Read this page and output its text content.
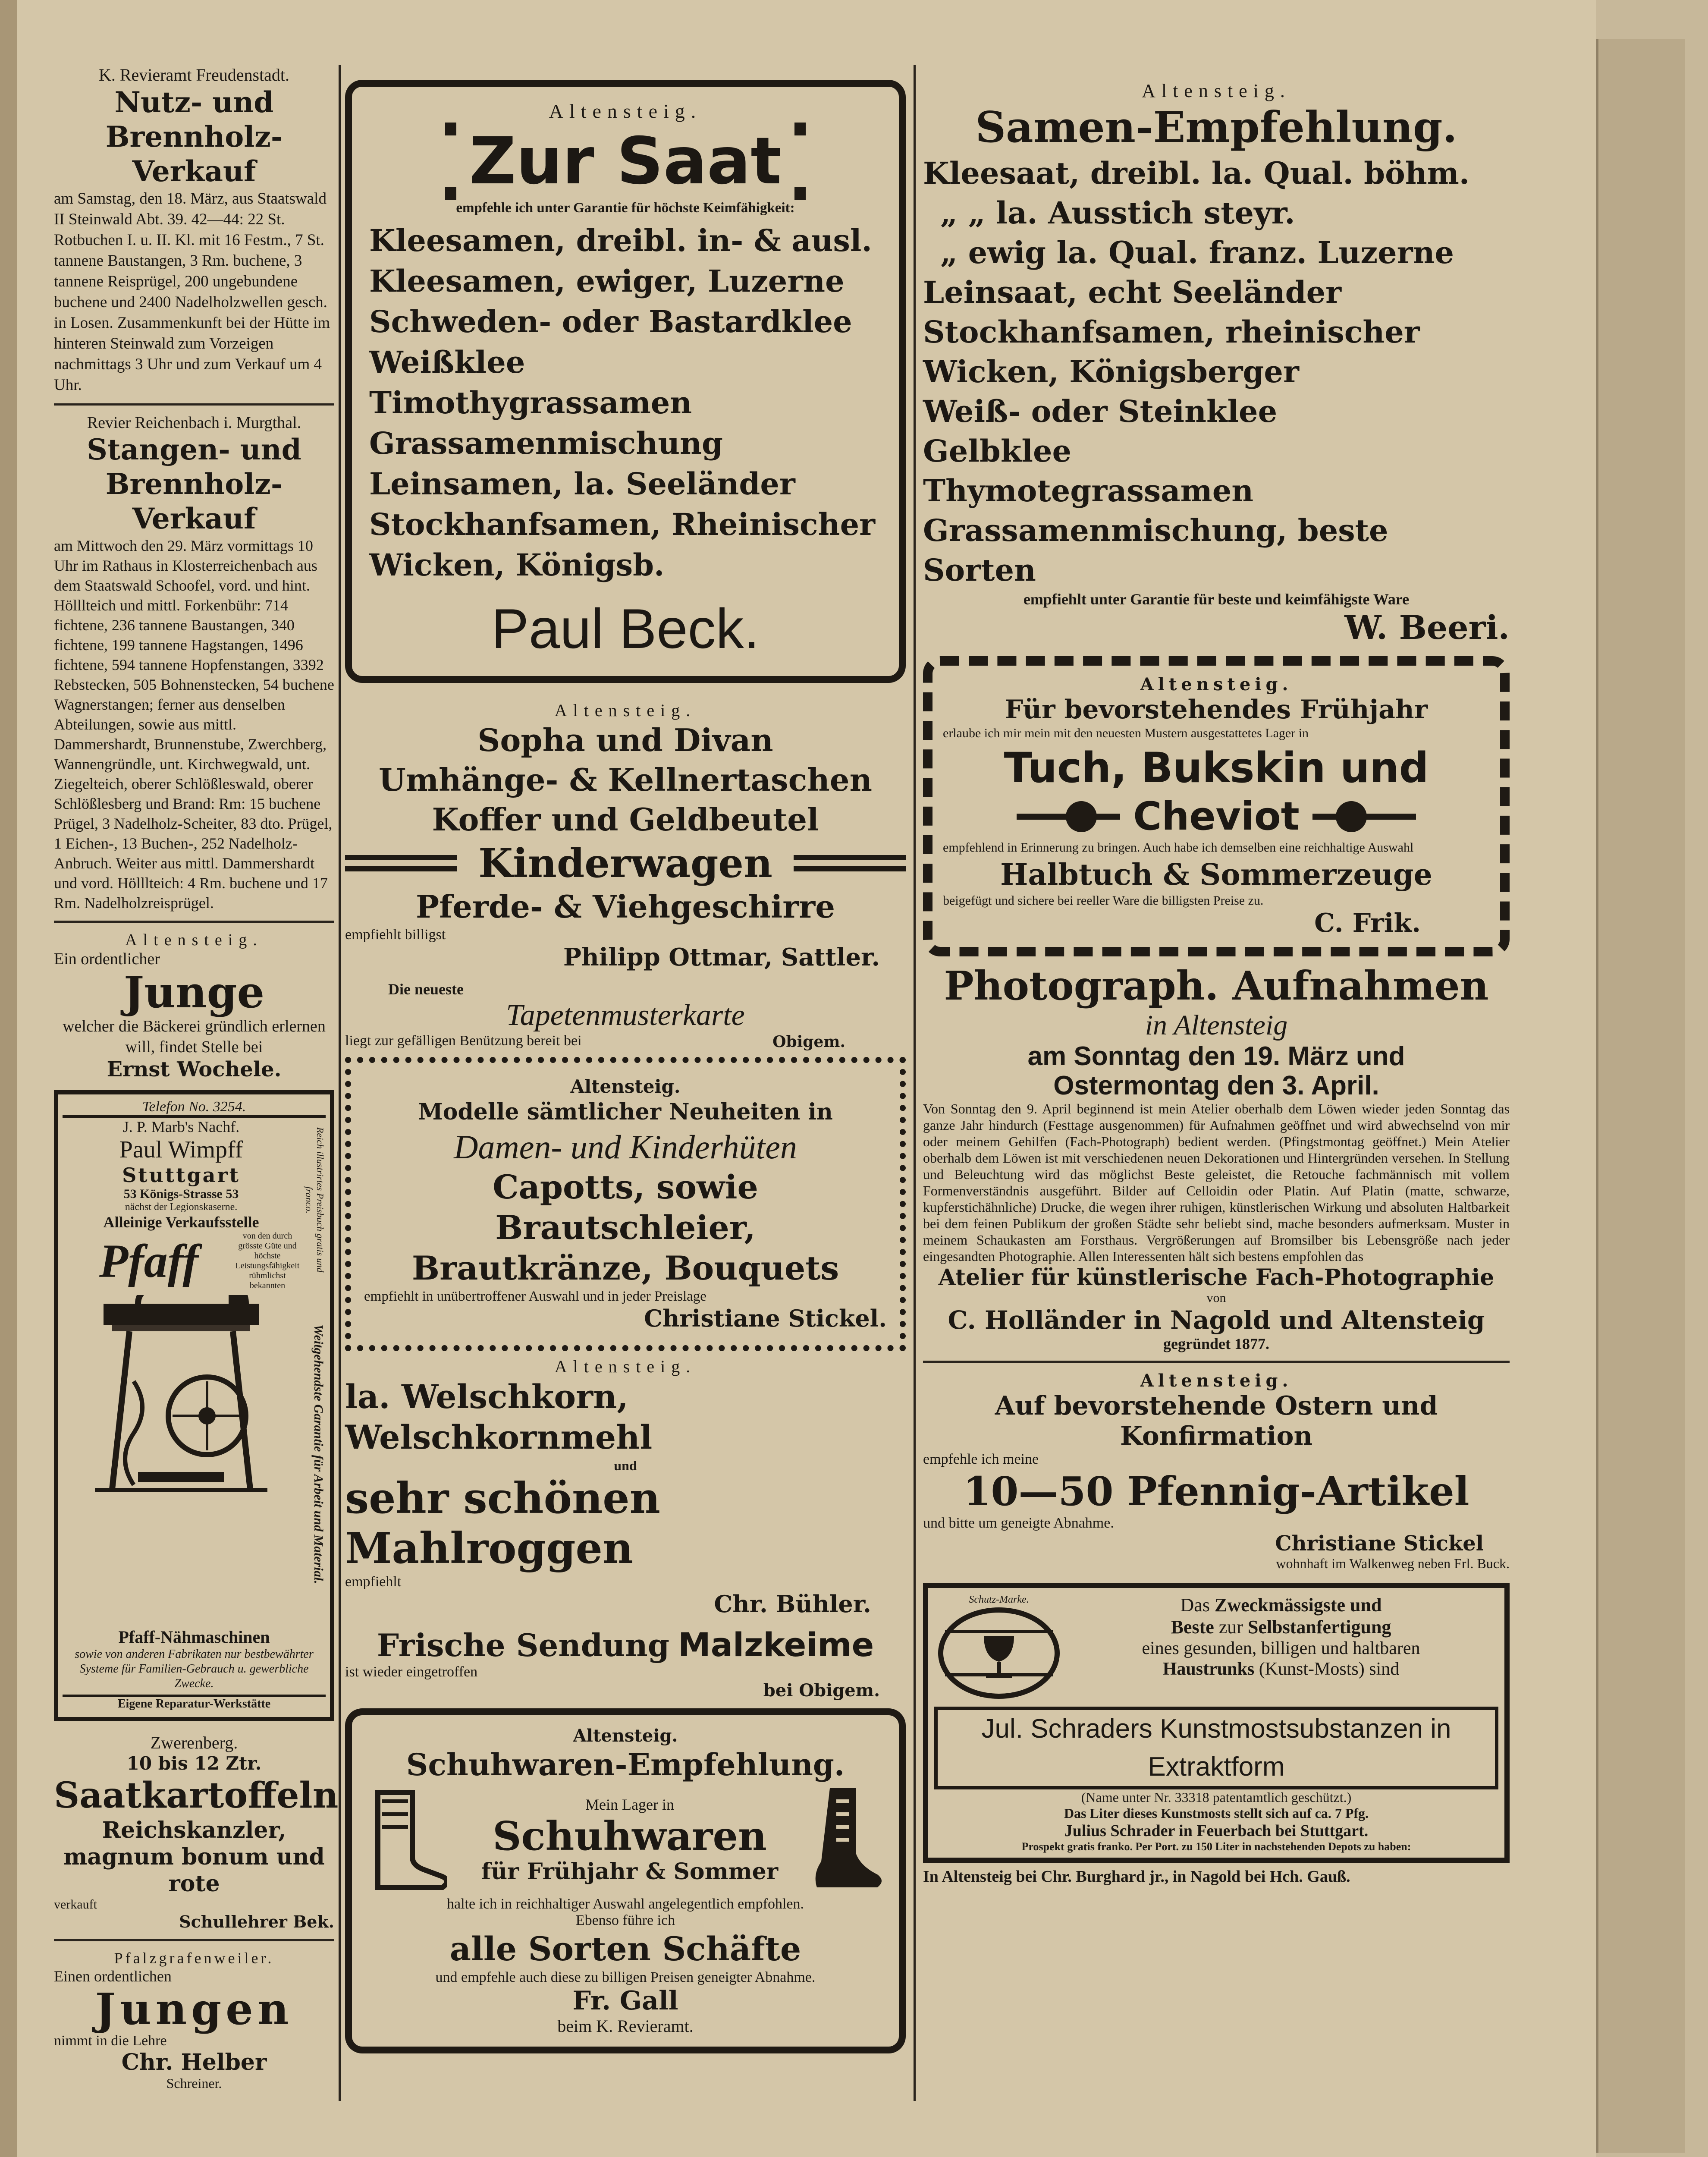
K. Revieramt Freudenstadt.
Nutz- und Brennholz-Verkauf
am Samstag, den 18. März, aus Staatswald II Steinwald Abt. 39. 42—44: 22 St. Rotbuchen I. u. II. Kl. mit 16 Festm., 7 St. tannene Baustangen, 3 Rm. buchene, 3 tannene Reisprügel, 200 ungebundene buchene und 2400 Nadelholzwellen gesch. in Losen. Zusammenkunft bei der Hütte im hinteren Steinwald zum Vorzeigen nachmittags 3 Uhr und zum Verkauf um 4 Uhr.
Revier Reichenbach i. Murgthal.
Stangen- und Brennholz-Verkauf
am Mittwoch den 29. März vormittags 10 Uhr im Rathaus in Klosterreichenbach aus dem Staatswald Schoofel, vord. und hint. Hölllteich und mittl. Forkenbühr: 714 fichtene, 236 tannene Baustangen, 340 fichtene, 199 tannene Hagstangen, 1496 fichtene, 594 tannene Hopfenstangen, 3392 Rebstecken, 505 Bohnenstecken, 54 buchene Wagnerstangen; ferner aus denselben Abteilungen, sowie aus mittl. Dammershardt, Brunnenstube, Zwerchberg, Wannengründle, unt. Kirchwegwald, unt. Ziegelteich, oberer Schlößleswald, oberer Schlößlesberg und Brand: Rm: 15 buchene Prügel, 3 Nadelholz-Scheiter, 83 dto. Prügel, 1 Eichen-, 13 Buchen-, 252 Nadelholz-Anbruch. Weiter aus mittl. Dammershardt und vord. Hölllteich: 4 Rm. buchene und 17 Rm. Nadelholzreisprügel.
Altensteig.
Ein ordentlicher
Junge
welcher die Bäckerei gründlich erlernen will, findet Stelle bei
Ernst Wochele.
Telefon No. 3254.
J. P. Marb's Nachf.
Paul Wimpff
Stuttgart
53 Königs-Strasse 53
nächst der Legionskaserne.
Alleinige Verkaufsstelle
Pfaff	von den durch grösste Güte und höchste Leistungsfähigkeit rühmlichst bekannten
Reich illustrirtes Preisbuch gratis und franco.
Weitgehendste Garantie für Arbeit und Material.
Pfaff-Nähmaschinen
sowie von anderen Fabrikaten nur bestbewährter Systeme für Familien-Gebrauch u. gewerbliche Zwecke.
Eigene Reparatur-Werkstätte
Zwerenberg.
10 bis 12 Ztr.
Saatkartoffeln
Reichskanzler, magnum bonum und rote
verkauft
Schullehrer Bek.
Pfalzgrafenweiler.
Einen ordentlichen
Jungen
nimmt in die Lehre
Chr. Helber
Schreiner.
Altensteig.
Zur Saat
empfehle ich unter Garantie für höchste Keimfähigkeit:
Kleesamen, dreibl. in- & ausl.
Kleesamen, ewiger, Luzerne
Schweden- oder Bastardklee
Weißklee
Timothygrassamen
Grassamenmischung
Leinsamen, la. Seeländer
Stockhanfsamen, Rheinischer
Wicken, Königsb.
Paul Beck.
Altensteig.
Sopha und Divan
Umhänge- & Kellnertaschen
Koffer und Geldbeutel
Kinderwagen
Pferde- & Viehgeschirre
empfiehlt billigst
Philipp Ottmar, Sattler.
Die neueste
Tapetenmusterkarte
liegt zur gefälligen Benützung bereit bei	Obigem.
Altensteig.
Modelle sämtlicher Neuheiten in
Damen- und Kinderhüten
Capotts, sowie Brautschleier,
Brautkränze, Bouquets
empfiehlt in unübertroffener Auswahl und in jeder Preislage
Christiane Stickel.
Altensteig.
la. Welschkorn, Welschkornmehl
und
sehr schönen Mahlroggen
empfiehlt
Chr. Bühler.
Frische Sendung Malzkeime
ist wieder eingetroffen
bei Obigem.
Altensteig.
Schuhwaren-Empfehlung.
Mein Lager in
Schuhwaren
für Frühjahr & Sommer
halte ich in reichhaltiger Auswahl angelegentlich empfohlen.
Ebenso führe ich
alle Sorten Schäfte
und empfehle auch diese zu billigen Preisen geneigter Abnahme.
Fr. Gall
beim K. Revieramt.
Altensteig.
Samen-Empfehlung.
Kleesaat, dreibl. la. Qual. böhm.
„ „ la. Ausstich steyr.
„ ewig la. Qual. franz. Luzerne
Leinsaat, echt Seeländer
Stockhanfsamen, rheinischer
Wicken, Königsberger
Weiß- oder Steinklee
Gelbklee
Thymotegrassamen
Grassamenmischung, beste Sorten
empfiehlt unter Garantie für beste und keimfähigste Ware
W. Beeri.
Altensteig.
Für bevorstehendes Frühjahr
erlaube ich mir mein mit den neuesten Mustern ausgestattetes Lager in
Tuch, Bukskin und
Cheviot
empfehlend in Erinnerung zu bringen. Auch habe ich demselben eine reichhaltige Auswahl
Halbtuch & Sommerzeuge
beigefügt und sichere bei reeller Ware die billigsten Preise zu.
C. Frik.
Photograph. Aufnahmen
in Altensteig
am Sonntag den 19. März und
Ostermontag den 3. April.
Von Sonntag den 9. April beginnend ist mein Atelier oberhalb dem Löwen wieder jeden Sonntag das ganze Jahr hindurch (Festtage ausgenommen) für Aufnahmen geöffnet und wird abwechselnd von mir oder meinem Gehilfen (Fach-Photograph) bedient werden. (Pfingstmontag geöffnet.) Mein Atelier oberhalb dem Löwen ist mit verschiedenen neuen Dekorationen und Hintergründen versehen. In Stellung und Beleuchtung wird das möglichst Beste geleistet, die Retouche fachmännisch mit vollem Formenverständnis ausgeführt. Bilder auf Celloidin oder Platin. Auf Platin (matte, schwarze, kupferstichähnliche) Drucke, die wegen ihrer ruhigen, künstlerischen Wirkung und absoluten Haltbarkeit bei dem feinen Publikum der großen Städte sehr beliebt sind, mache besonders aufmerksam. Muster in meinem Schaukasten am Forsthaus. Vergrößerungen auf Bromsilber bis Lebensgröße nach jeder eingesandten Photographie. Allen Interessenten hält sich bestens empfohlen das
Atelier für künstlerische Fach-Photographie
von
C. Holländer in Nagold und Altensteig
gegründet 1877.
Altensteig.
Auf bevorstehende Ostern und Konfirmation
empfehle ich meine
10—50 Pfennig-Artikel
und bitte um geneigte Abnahme.
Christiane Stickel
wohnhaft im Walkenweg neben Frl. Buck.
Schutz-Marke.	Das Zweckmässigste und
Beste zur Selbstanfertigung
eines gesunden, billigen und haltbaren
Haustrunks (Kunst-Mosts) sind
Jul. Schraders Kunstmostsubstanzen in Extraktform
(Name unter Nr. 33318 patentamtlich geschützt.)
Das Liter dieses Kunstmosts stellt sich auf ca. 7 Pfg.
Julius Schrader in Feuerbach bei Stuttgart.
Prospekt gratis franko. Per Port. zu 150 Liter in nachstehenden Depots zu haben:
In Altensteig bei Chr. Burghard jr., in Nagold bei Hch. Gauß.
